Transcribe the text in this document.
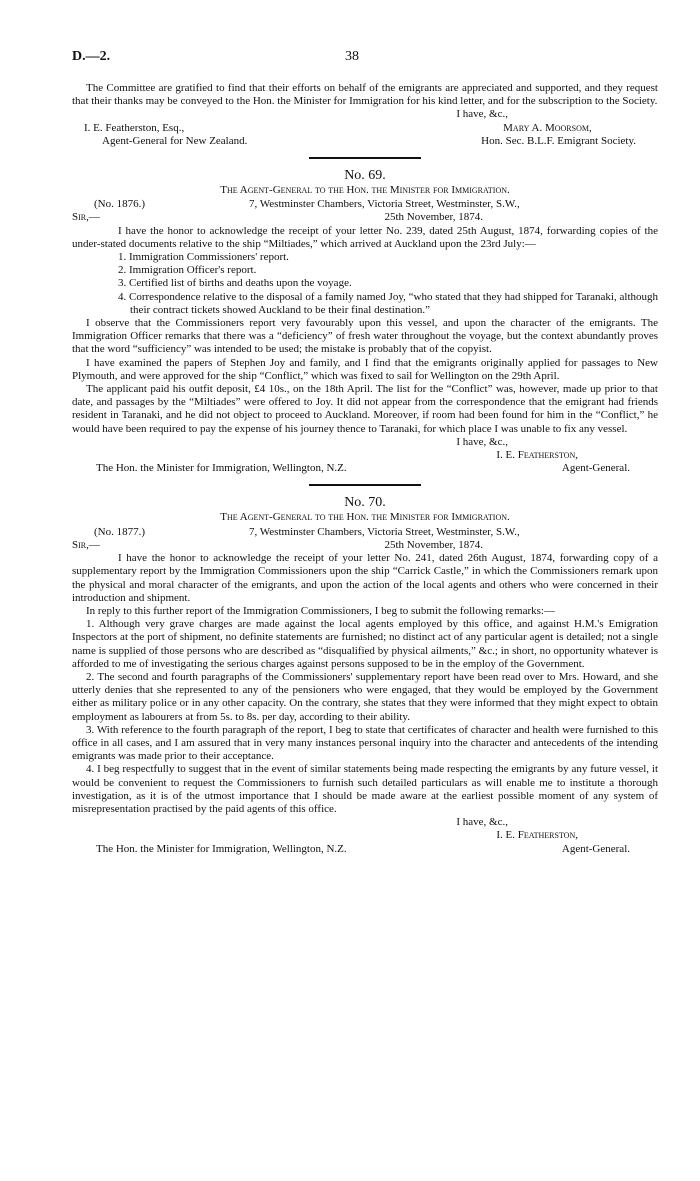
D.—2.	38

The Committee are gratified to find that their efforts on behalf of the emigrants are appreciated and supported, and they request that their thanks may be conveyed to the Hon. the Minister for Immigration for his kind letter, and for the subscription to the Society.

I have, &c.,
I. E. Featherston, Esq.,
Agent-General for New Zealand.
Mary A. Moorsom,
Hon. Sec. B.L.F. Emigrant Society.
No. 69.
The Agent-General to the Hon. the Minister for Immigration.
(No. 1876.)	7, Westminster Chambers, Victoria Street, Westminster, S.W.,
Sir,—	25th November, 1874.

I have the honor to acknowledge the receipt of your letter No. 239, dated 25th August, 1874, forwarding copies of the under-stated documents relative to the ship “Miltiades,” which arrived at Auckland upon the 23rd July:—

1. Immigration Commissioners' report.
2. Immigration Officer's report.
3. Certified list of births and deaths upon the voyage.
4. Correspondence relative to the disposal of a family named Joy, “who stated that they had shipped for Taranaki, although their contract tickets showed Auckland to be their final destination.”

I observe that the Commissioners report very favourably upon this vessel, and upon the character of the emigrants. The Immigration Officer remarks that there was a “deficiency” of fresh water throughout the voyage, but the context abundantly proves that the word “sufficiency” was intended to be used; the mistake is probably that of the copyist.

I have examined the papers of Stephen Joy and family, and I find that the emigrants originally applied for passages to New Plymouth, and were approved for the ship “Conflict,” which was fixed to sail for Wellington on the 29th April.

The applicant paid his outfit deposit, £4 10s., on the 18th April. The list for the “Conflict” was, however, made up prior to that date, and passages by the “Miltiades” were offered to Joy. It did not appear from the correspondence that the emigrant had friends resident in Taranaki, and he did not object to proceed to Auckland. Moreover, if room had been found for him in the “Conflict,” he would have been required to pay the expense of his journey thence to Taranaki, for which place I was unable to fix any vessel.

I have, &c.,
I. E. Featherston,
The Hon. the Minister for Immigration, Wellington, N.Z.	Agent-General.
No. 70.
The Agent-General to the Hon. the Minister for Immigration.
(No. 1877.)	7, Westminster Chambers, Victoria Street, Westminster, S.W.,
Sir,—	25th November, 1874.

I have the honor to acknowledge the receipt of your letter No. 241, dated 26th August, 1874, forwarding copy of a supplementary report by the Immigration Commissioners upon the ship “Carrick Castle,” in which the Commissioners remark upon the physical and moral character of the emigrants, and upon the action of the local agents and others who were concerned in their introduction and shipment.

In reply to this further report of the Immigration Commissioners, I beg to submit the following remarks:—

1. Although very grave charges are made against the local agents employed by this office, and against H.M.'s Emigration Inspectors at the port of shipment, no definite statements are furnished; no distinct act of any particular agent is detailed; not a single name is supplied of those persons who are described as “disqualified by physical ailments,” &c.; in short, no opportunity whatever is afforded to me of investigating the serious charges against persons supposed to be in the employ of the Government.

2. The second and fourth paragraphs of the Commissioners' supplementary report have been read over to Mrs. Howard, and she utterly denies that she represented to any of the pensioners who were engaged, that they would be employed by the Government either as military police or in any other capacity. On the contrary, she states that they were informed that they might expect to obtain employment as labourers at from 5s. to 8s. per day, according to their ability.

3. With reference to the fourth paragraph of the report, I beg to state that certificates of character and health were furnished to this office in all cases, and I am assured that in very many instances personal inquiry into the character and antecedents of the intending emigrants was made prior to their acceptance.

4. I beg respectfully to suggest that in the event of similar statements being made respecting the emigrants by any future vessel, it would be convenient to request the Commissioners to furnish such detailed particulars as will enable me to institute a thorough investigation, as it is of the utmost importance that I should be made aware at the earliest possible moment of any system of misrepresentation practised by the paid agents of this office.

I have, &c.,
I. E. Featherston,
The Hon. the Minister for Immigration, Wellington, N.Z.	Agent-General.
